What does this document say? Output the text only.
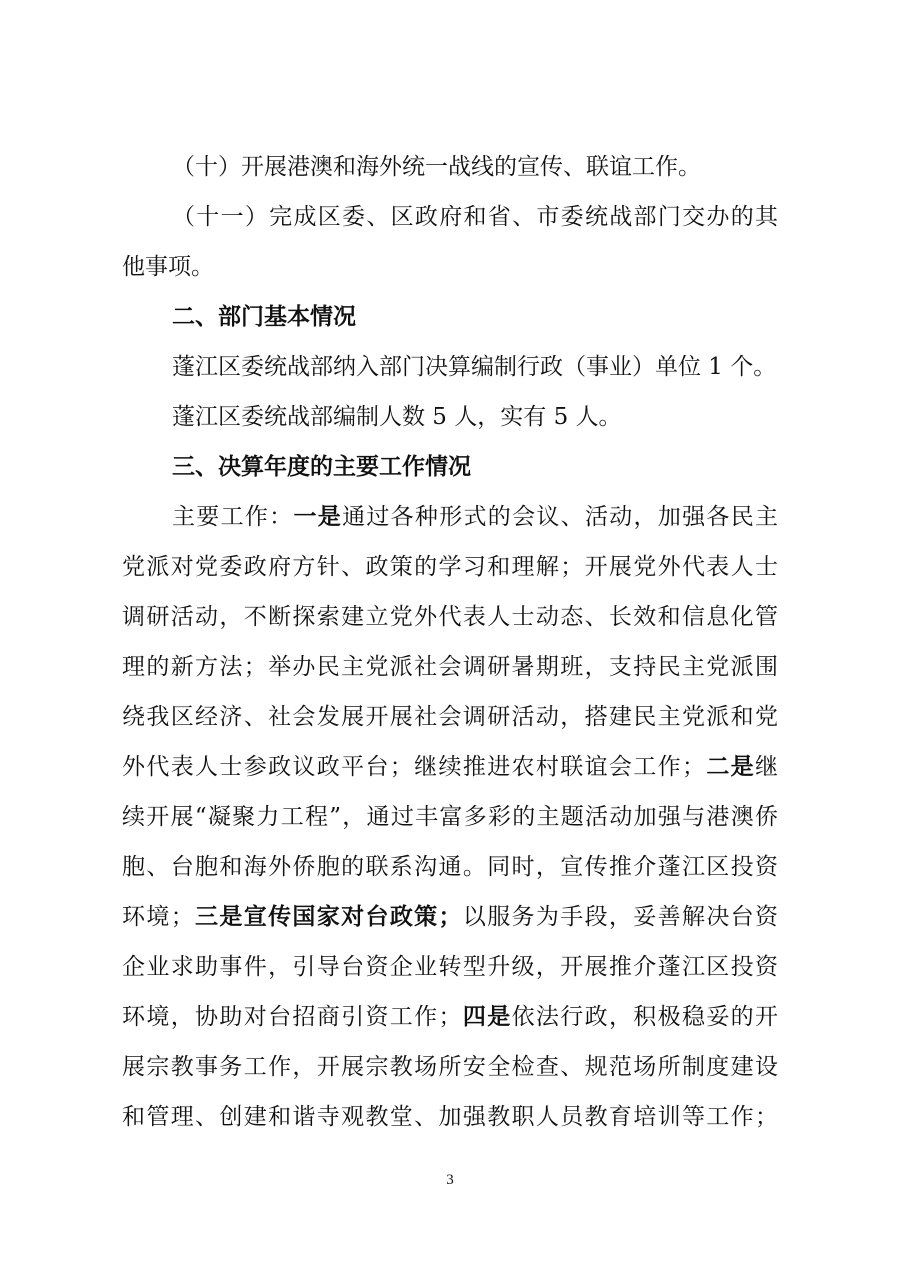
（十）开展港澳和海外统一战线的宣传、联谊工作。
（十一）完成区委、区政府和省、市委统战部门交办的其
他事项。
二、部门基本情况
蓬江区委统战部纳入部门决算编制行政（事业）单位 1 个。
蓬江区委统战部编制人数 5 人，实有 5 人。
三、决算年度的主要工作情况
主要工作：一是通过各种形式的会议、活动，加强各民主
党派对党委政府方针、政策的学习和理解；开展党外代表人士
调研活动，不断探索建立党外代表人士动态、长效和信息化管
理的新方法；举办民主党派社会调研暑期班，支持民主党派围
绕我区经济、社会发展开展社会调研活动，搭建民主党派和党
外代表人士参政议政平台；继续推进农村联谊会工作；二是继
续开展“凝聚力工程”，通过丰富多彩的主题活动加强与港澳侨
胞、台胞和海外侨胞的联系沟通。同时，宣传推介蓬江区投资
环境；三是宣传国家对台政策；以服务为手段，妥善解决台资
企业求助事件，引导台资企业转型升级，开展推介蓬江区投资
环境，协助对台招商引资工作；四是依法行政，积极稳妥的开
展宗教事务工作，开展宗教场所安全检查、规范场所制度建设
和管理、创建和谐寺观教堂、加强教职人员教育培训等工作；
3
